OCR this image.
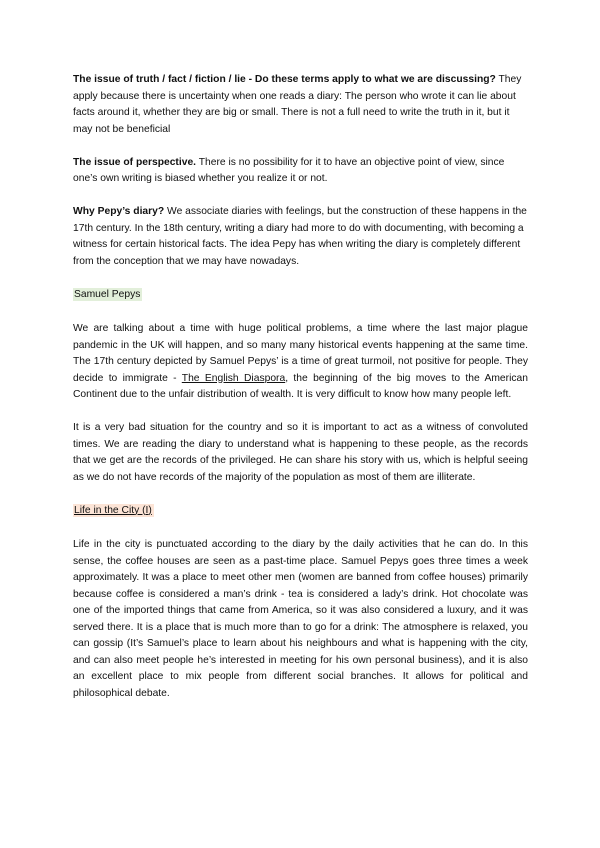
The issue of truth / fact / fiction / lie - Do these terms apply to what we are discussing? They apply because there is uncertainty when one reads a diary: The person who wrote it can lie about facts around it, whether they are big or small. There is not a full need to write the truth in it, but it may not be beneficial

The issue of perspective. There is no possibility for it to have an objective point of view, since one’s own writing is biased whether you realize it or not.

Why Pepy’s diary? We associate diaries with feelings, but the construction of these happens in the 17th century. In the 18th century, writing a diary had more to do with documenting, with becoming a witness for certain historical facts. The idea Pepy has when writing the diary is completely different from the conception that we may have nowadays.

Samuel Pepys

We are talking about a time with huge political problems, a time where the last major plague pandemic in the UK will happen, and so many many historical events happening at the same time. The 17th century depicted by Samuel Pepys’ is a time of great turmoil, not positive for people. They decide to immigrate - The English Diaspora, the beginning of the big moves to the American Continent due to the unfair distribution of wealth. It is very difficult to know how many people left.

It is a very bad situation for the country and so it is important to act as a witness of convoluted times. We are reading the diary to understand what is happening to these people, as the records that we get are the records of the privileged. He can share his story with us, which is helpful seeing as we do not have records of the majority of the population as most of them are illiterate.

Life in the City (I)

Life in the city is punctuated according to the diary by the daily activities that he can do. In this sense, the coffee houses are seen as a past-time place. Samuel Pepys goes three times a week approximately. It was a place to meet other men (women are banned from coffee houses) primarily because coffee is considered a man’s drink - tea is considered a lady’s drink. Hot chocolate was one of the imported things that came from America, so it was also considered a luxury, and it was served there. It is a place that is much more than to go for a drink: The atmosphere is relaxed, you can gossip (It’s Samuel’s place to learn about his neighbours and what is happening with the city, and can also meet people he’s interested in meeting for his own personal business), and it is also an excellent place to mix people from different social branches. It allows for political and philosophical debate.
